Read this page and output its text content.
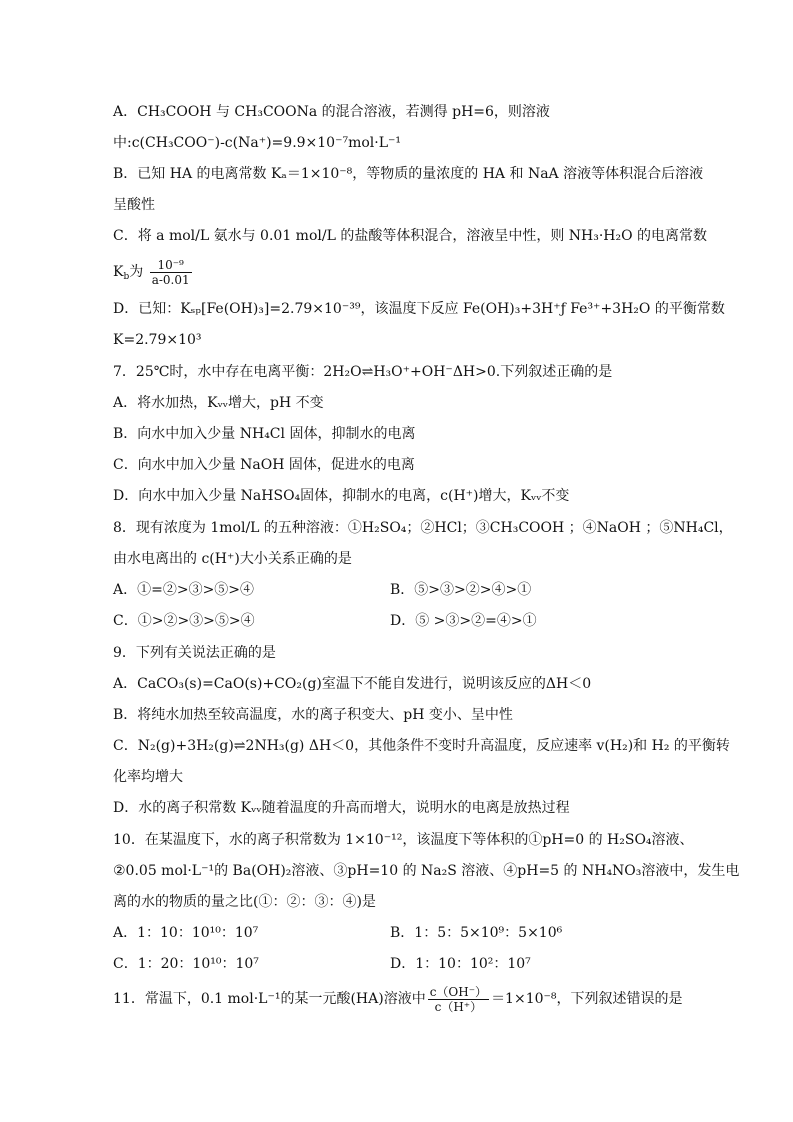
A．CH₃COOH 与 CH₃COONa 的混合溶液，若测得 pH=6，则溶液
中:c(CH₃COO⁻)-c(Na⁺)=9.9×10⁻⁷mol·L⁻¹
B．已知 HA 的电离常数 Kₐ＝1×10⁻⁸，等物质的量浓度的 HA 和 NaA 溶液等体积混合后溶液
呈酸性
C．将 a mol/L 氨水与 0.01 mol/L 的盐酸等体积混合，溶液呈中性，则 NH₃·H₂O 的电离常数
$K_b$为 $\frac{\text{10⁻⁹}}{a-0.01}$
D．已知：Kₛₚ[Fe(OH)₃]=2.79×10⁻³⁹，该温度下反应 Fe(OH)₃+3H⁺ƒ Fe³⁺+3H₂O 的平衡常数
K=2.79×10³
7．25℃时，水中存在电离平衡：2H₂O⇌H₃O⁺+OH⁻ΔH>0.下列叙述正确的是
A．将水加热，Kᵥᵥ增大，pH 不变
B．向水中加入少量 NH₄Cl 固体，抑制水的电离
C．向水中加入少量 NaOH 固体，促进水的电离
D．向水中加入少量 NaHSO₄固体，抑制水的电离，c(H⁺)增大，Kᵥᵥ不变
8．现有浓度为 1mol/L 的五种溶液：①H₂SO₄；②HCl；③CH₃COOH ；④NaOH ；⑤NH₄Cl，
由水电离出的 c(H⁺)大小关系正确的是
A．①=②>③>⑤>④	B．⑤>③>②>④>①
C．①>②>③>⑤>④	D．⑤ >③>②=④>①
9．下列有关说法正确的是
A．CaCO₃(s)=CaO(s)+CO₂(g)室温下不能自发进行，说明该反应的ΔH＜0
B．将纯水加热至较高温度，水的离子积变大、pH 变小、呈中性
C．N₂(g)+3H₂(g)⇌2NH₃(g) ΔH＜0，其他条件不变时升高温度，反应速率 v(H₂)和 H₂ 的平衡转
化率均增大
D．水的离子积常数 Kᵥᵥ随着温度的升高而增大，说明水的电离是放热过程
10．在某温度下，水的离子积常数为 1×10⁻¹²，该温度下等体积的①pH=0 的 H₂SO₄溶液、
②0.05 mol·L⁻¹的 Ba(OH)₂溶液、③pH=10 的 Na₂S 溶液、④pH=5 的 NH₄NO₃溶液中，发生电
离的水的物质的量之比(①：②：③：④)是
A．1：10：10¹⁰：10⁷	B．1：5：5×10⁹：5×10⁶
C．1：20：10¹⁰：10⁷	D．1：10：10²：10⁷
11．常温下，0.1 mol·L⁻¹的某一元酸(HA)溶液中 $\frac{c(OH^-)}{c(H^+)} =1\times 10^{-8}$，下列叙述错误的是
